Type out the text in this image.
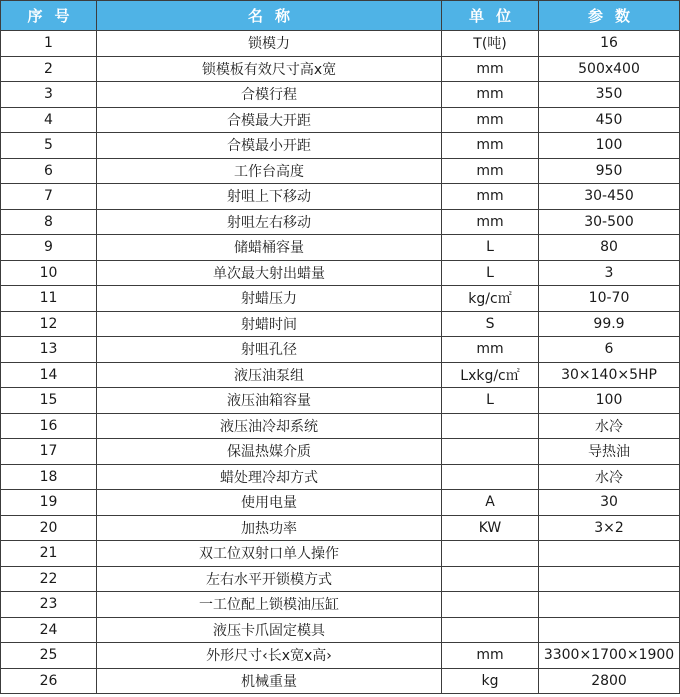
序号	名称	单位	参数
1	锁模力	T(吨)	16
2	锁模板有效尺寸高x宽	mm	500x400
3	合模行程	mm	350
4	合模最大开距	mm	450
5	合模最小开距	mm	100
6	工作台高度	mm	950
7	射咀上下移动	mm	30-450
8	射咀左右移动	mm	30-500
9	储蜡桶容量	L	80
10	单次最大射出蜡量	L	3
11	射蜡压力	kg/c㎡	10-70
12	射蜡时间	S	99.9
13	射咀孔径	mm	6
14	液压油泵组	Lxkg/c㎡	30×140×5HP
15	液压油箱容量	L	100
16	液压油冷却系统		水冷
17	保温热媒介质		导热油
18	蜡处理冷却方式		水冷
19	使用电量	A	30
20	加热功率	KW	3×2
21	双工位双射口单人操作		
22	左右水平开锁模方式		
23	一工位配上锁模油压缸		
24	液压卡爪固定模具		
25	外形尺寸‹长x宽x高›	mm	3300×1700×1900
26	机械重量	kg	2800
